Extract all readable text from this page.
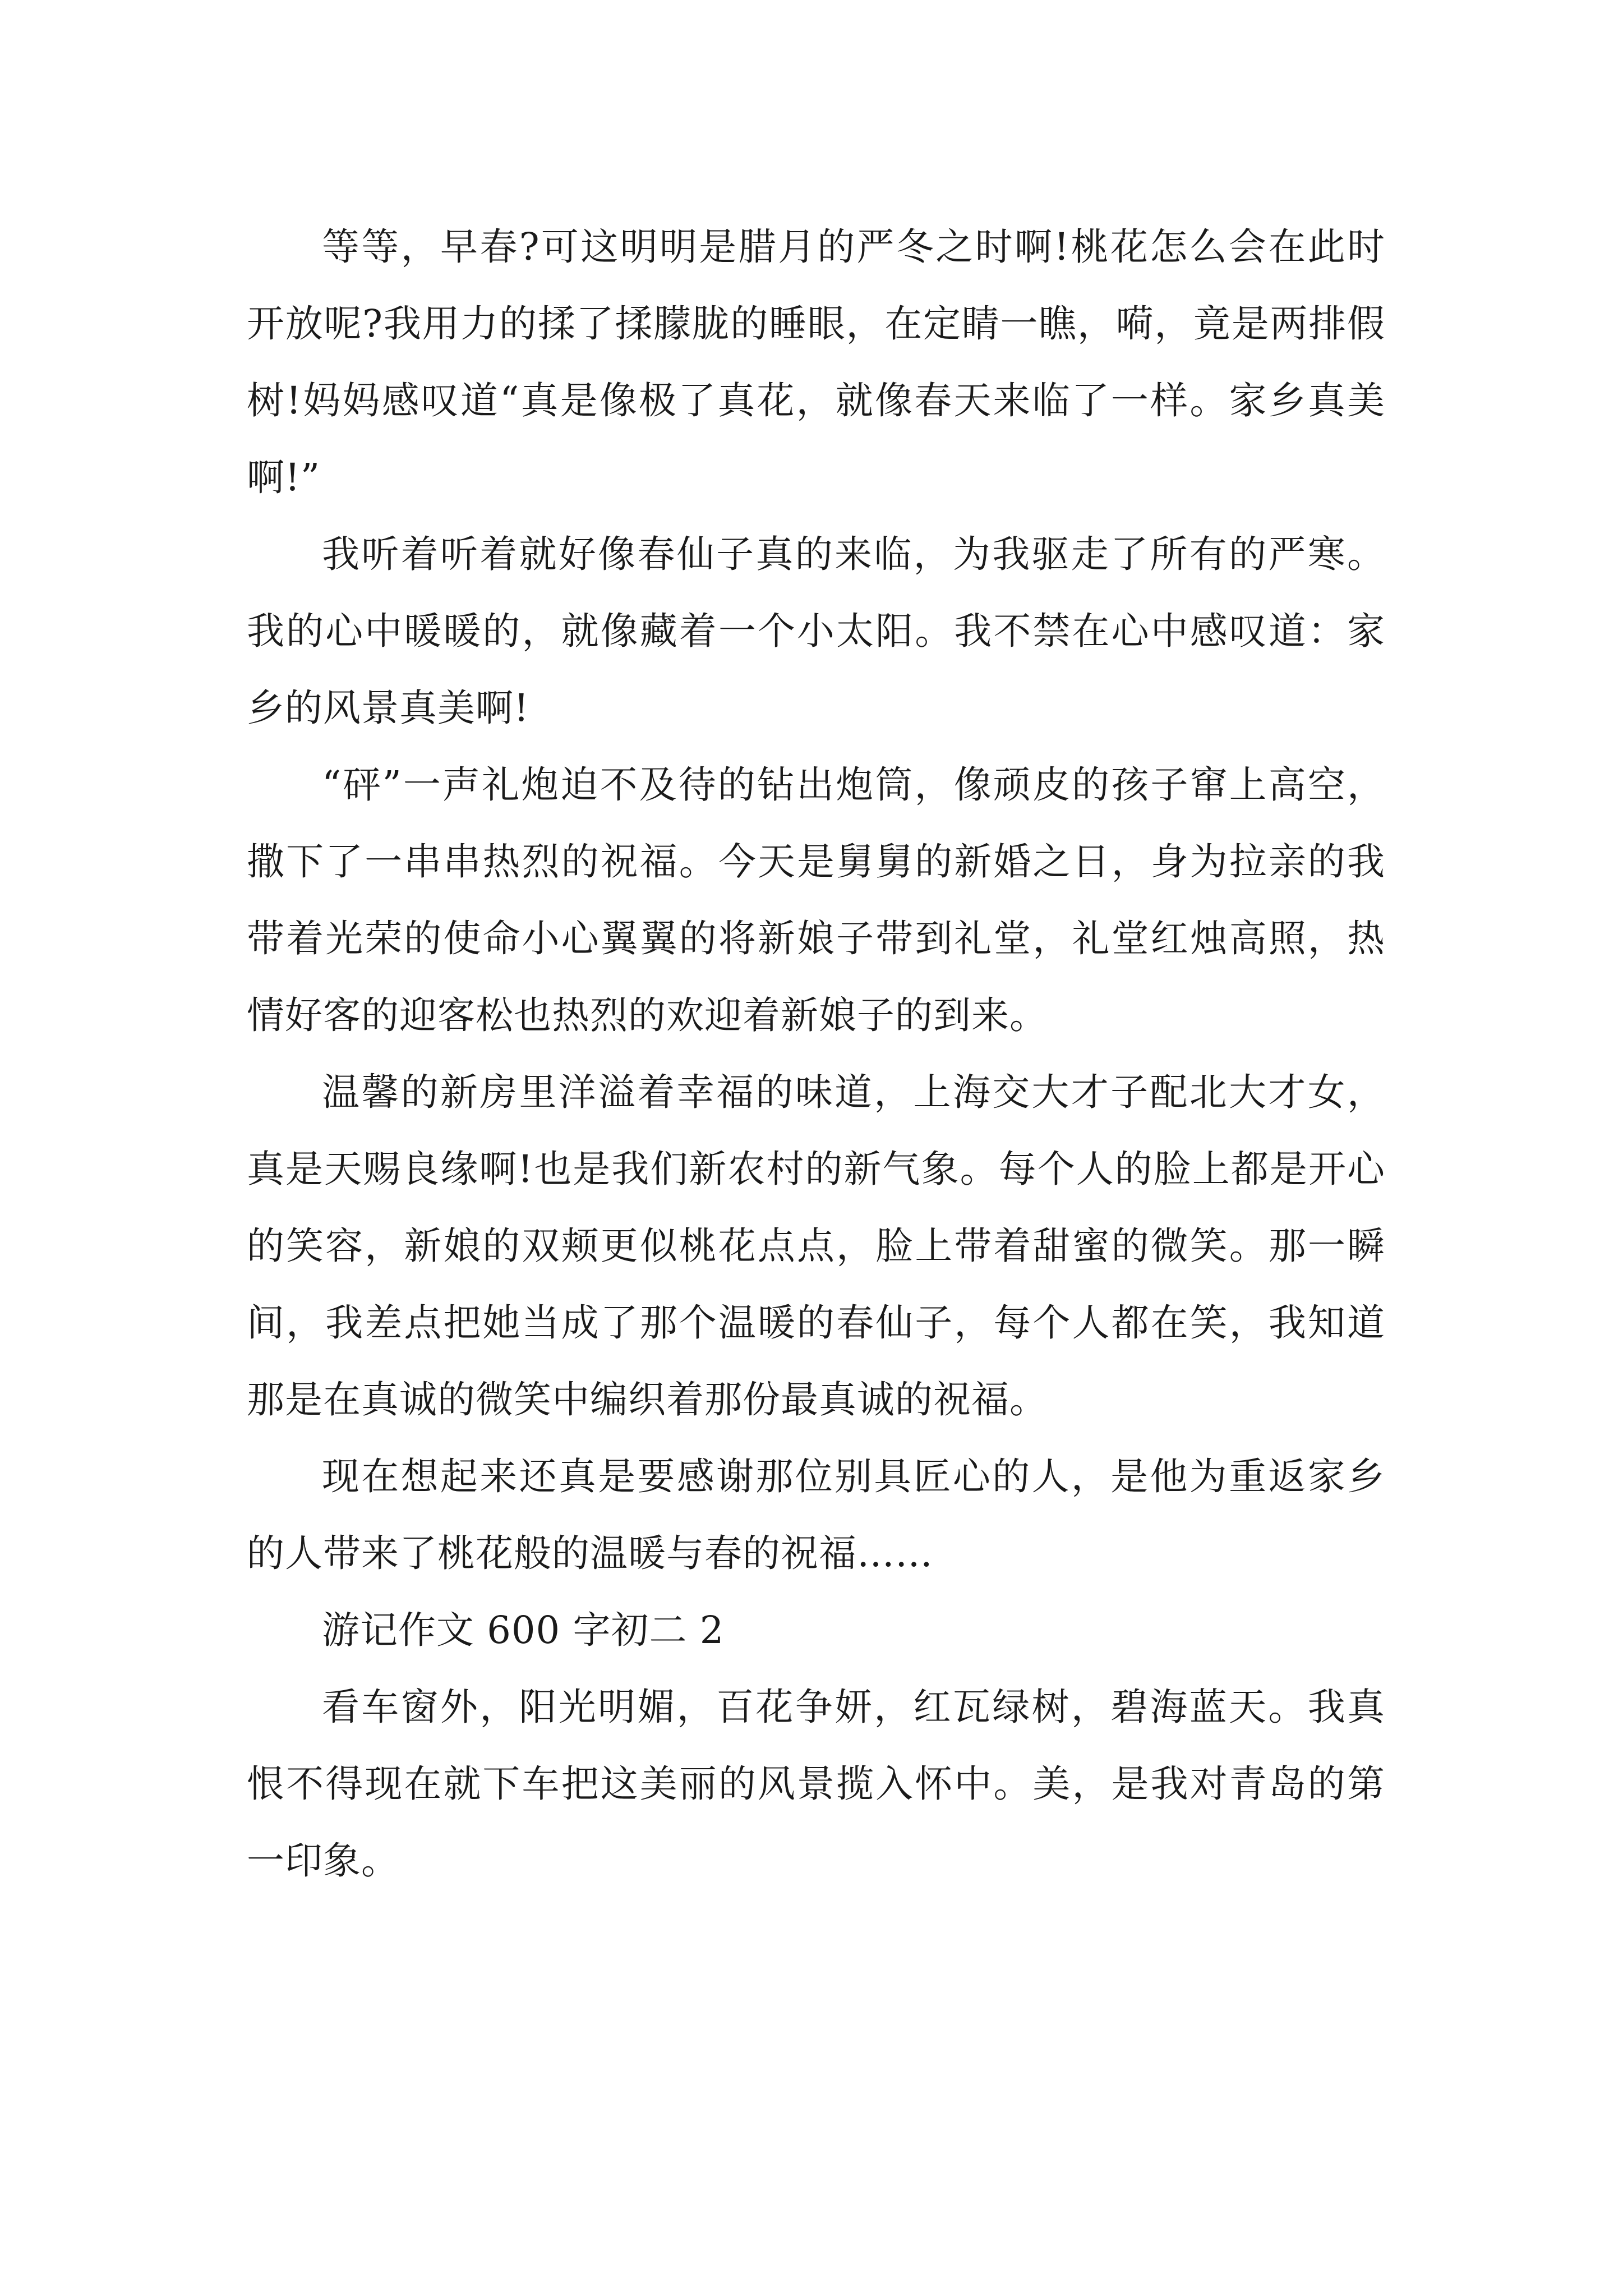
等等，早春?可这明明是腊月的严冬之时啊!桃花怎么会在此时开放呢?我用力的揉了揉朦胧的睡眼，在定睛一瞧，嗬，竟是两排假树!妈妈感叹道“真是像极了真花，就像春天来临了一样。家乡真美啊!”

我听着听着就好像春仙子真的来临，为我驱走了所有的严寒。我的心中暖暖的，就像藏着一个小太阳。我不禁在心中感叹道：家乡的风景真美啊!

“砰”一声礼炮迫不及待的钻出炮筒，像顽皮的孩子窜上高空，撒下了一串串热烈的祝福。今天是舅舅的新婚之日，身为拉亲的我带着光荣的使命小心翼翼的将新娘子带到礼堂，礼堂红烛高照，热情好客的迎客松也热烈的欢迎着新娘子的到来。

温馨的新房里洋溢着幸福的味道，上海交大才子配北大才女，真是天赐良缘啊!也是我们新农村的新气象。每个人的脸上都是开心的笑容，新娘的双颊更似桃花点点，脸上带着甜蜜的微笑。那一瞬间，我差点把她当成了那个温暖的春仙子，每个人都在笑，我知道那是在真诚的微笑中编织着那份最真诚的祝福。

现在想起来还真是要感谢那位别具匠心的人，是他为重返家乡的人带来了桃花般的温暖与春的祝福……

游记作文 600 字初二 2

看车窗外，阳光明媚，百花争妍，红瓦绿树，碧海蓝天。我真恨不得现在就下车把这美丽的风景揽入怀中。美，是我对青岛的第一印象。
